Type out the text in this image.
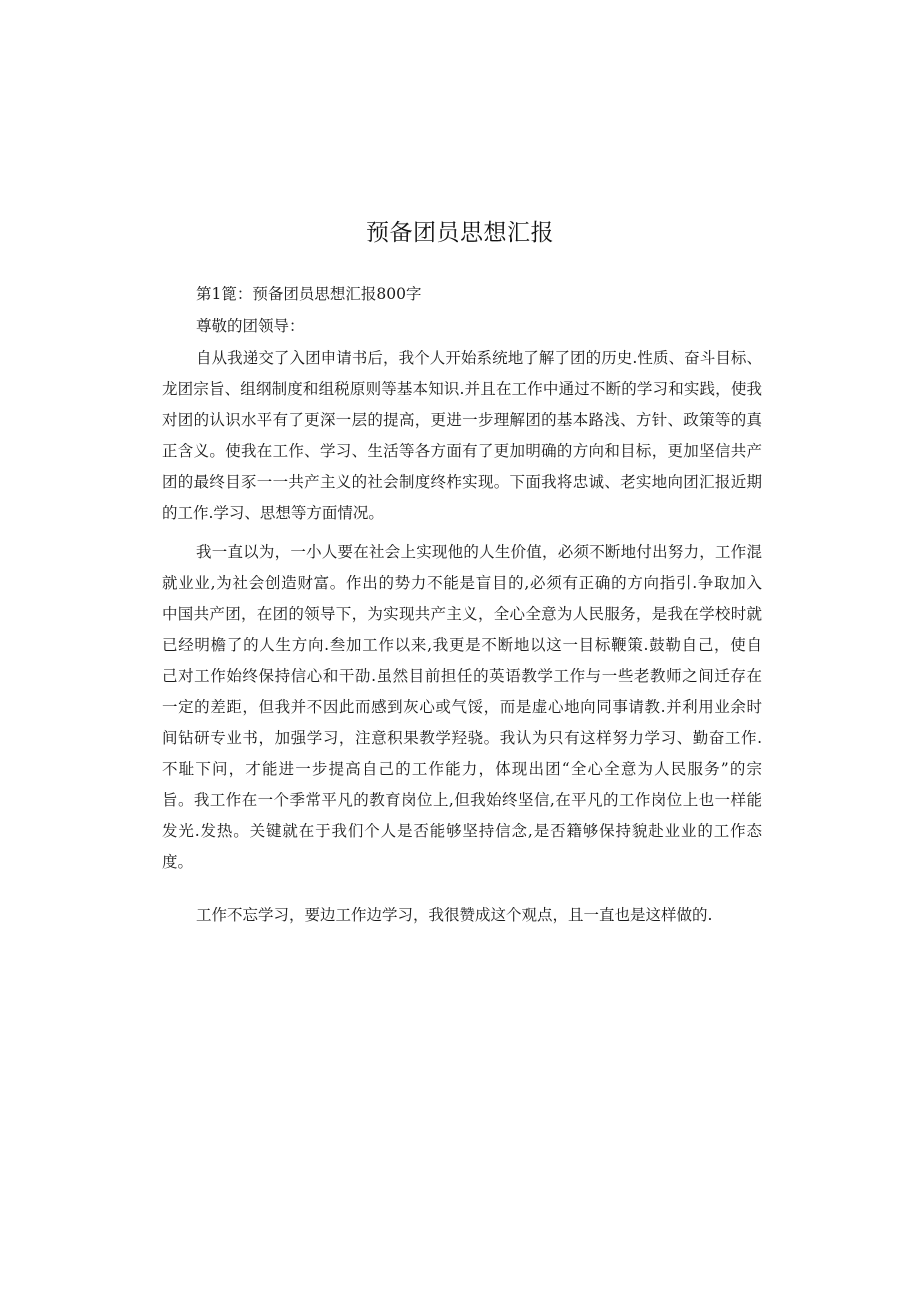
预备团员思想汇报
第1篦：预备团员思想汇报800字
尊敬的团领导：
自从我递交了入团申请书后，我个人开始系统地了解了团的历史.性质、奋斗目标、
龙团宗旨、组纲制度和组税原则等基本知识.并且在工作中通过不断的学习和实践，使我
对团的认识水平有了更深一层的提高，更进一步理解团的基本路浅、方针、政策等的真
正含义。使我在工作、学习、生活等各方面有了更加明确的方向和目标，更加坚信共产
团的最终目豕一一共产主义的社会制度终柞实现。下面我将忠诚、老实地向团汇报近期
的工作.学习、思想等方面情况。
我一直以为，一小人要在社会上实现他的人生价值，必须不断地付出努力，工作混
就业业,为社会创造财富。作出的势力不能是盲目的,必须有正确的方向指引.争取加入
中国共产团，在团的领导下，为实现共产主义，全心全意为人民服务，是我在学校时就
已经明檐了的人生方向.叁加工作以来,我更是不断地以这一目标鞭策.鼓勒自己，使自
己对工作始终保持信心和干劭.虽然目前担任的英语教学工作与一些老教师之间迁存在
一定的差距，但我并不因此而感到灰心或气馁，而是虚心地向同事请教.并利用业余时
间钻研专业书，加强学习，注意积果教学羟骁。我认为只有这样努力学习、勤奋工作.
不耻下问，才能进一步提高自己的工作能力，体现出团“全心全意为人民服务”的宗
旨。我工作在一个季常平凡的教育岗位上,但我始终坚信,在平凡的工作岗位上也一样能
发光.发热。关键就在于我们个人是否能够坚持信念,是否籍够保持貌赴业业的工作态
度。
工作不忘学习，要边工作边学习，我很赞成这个观点，且一直也是这样做的.
